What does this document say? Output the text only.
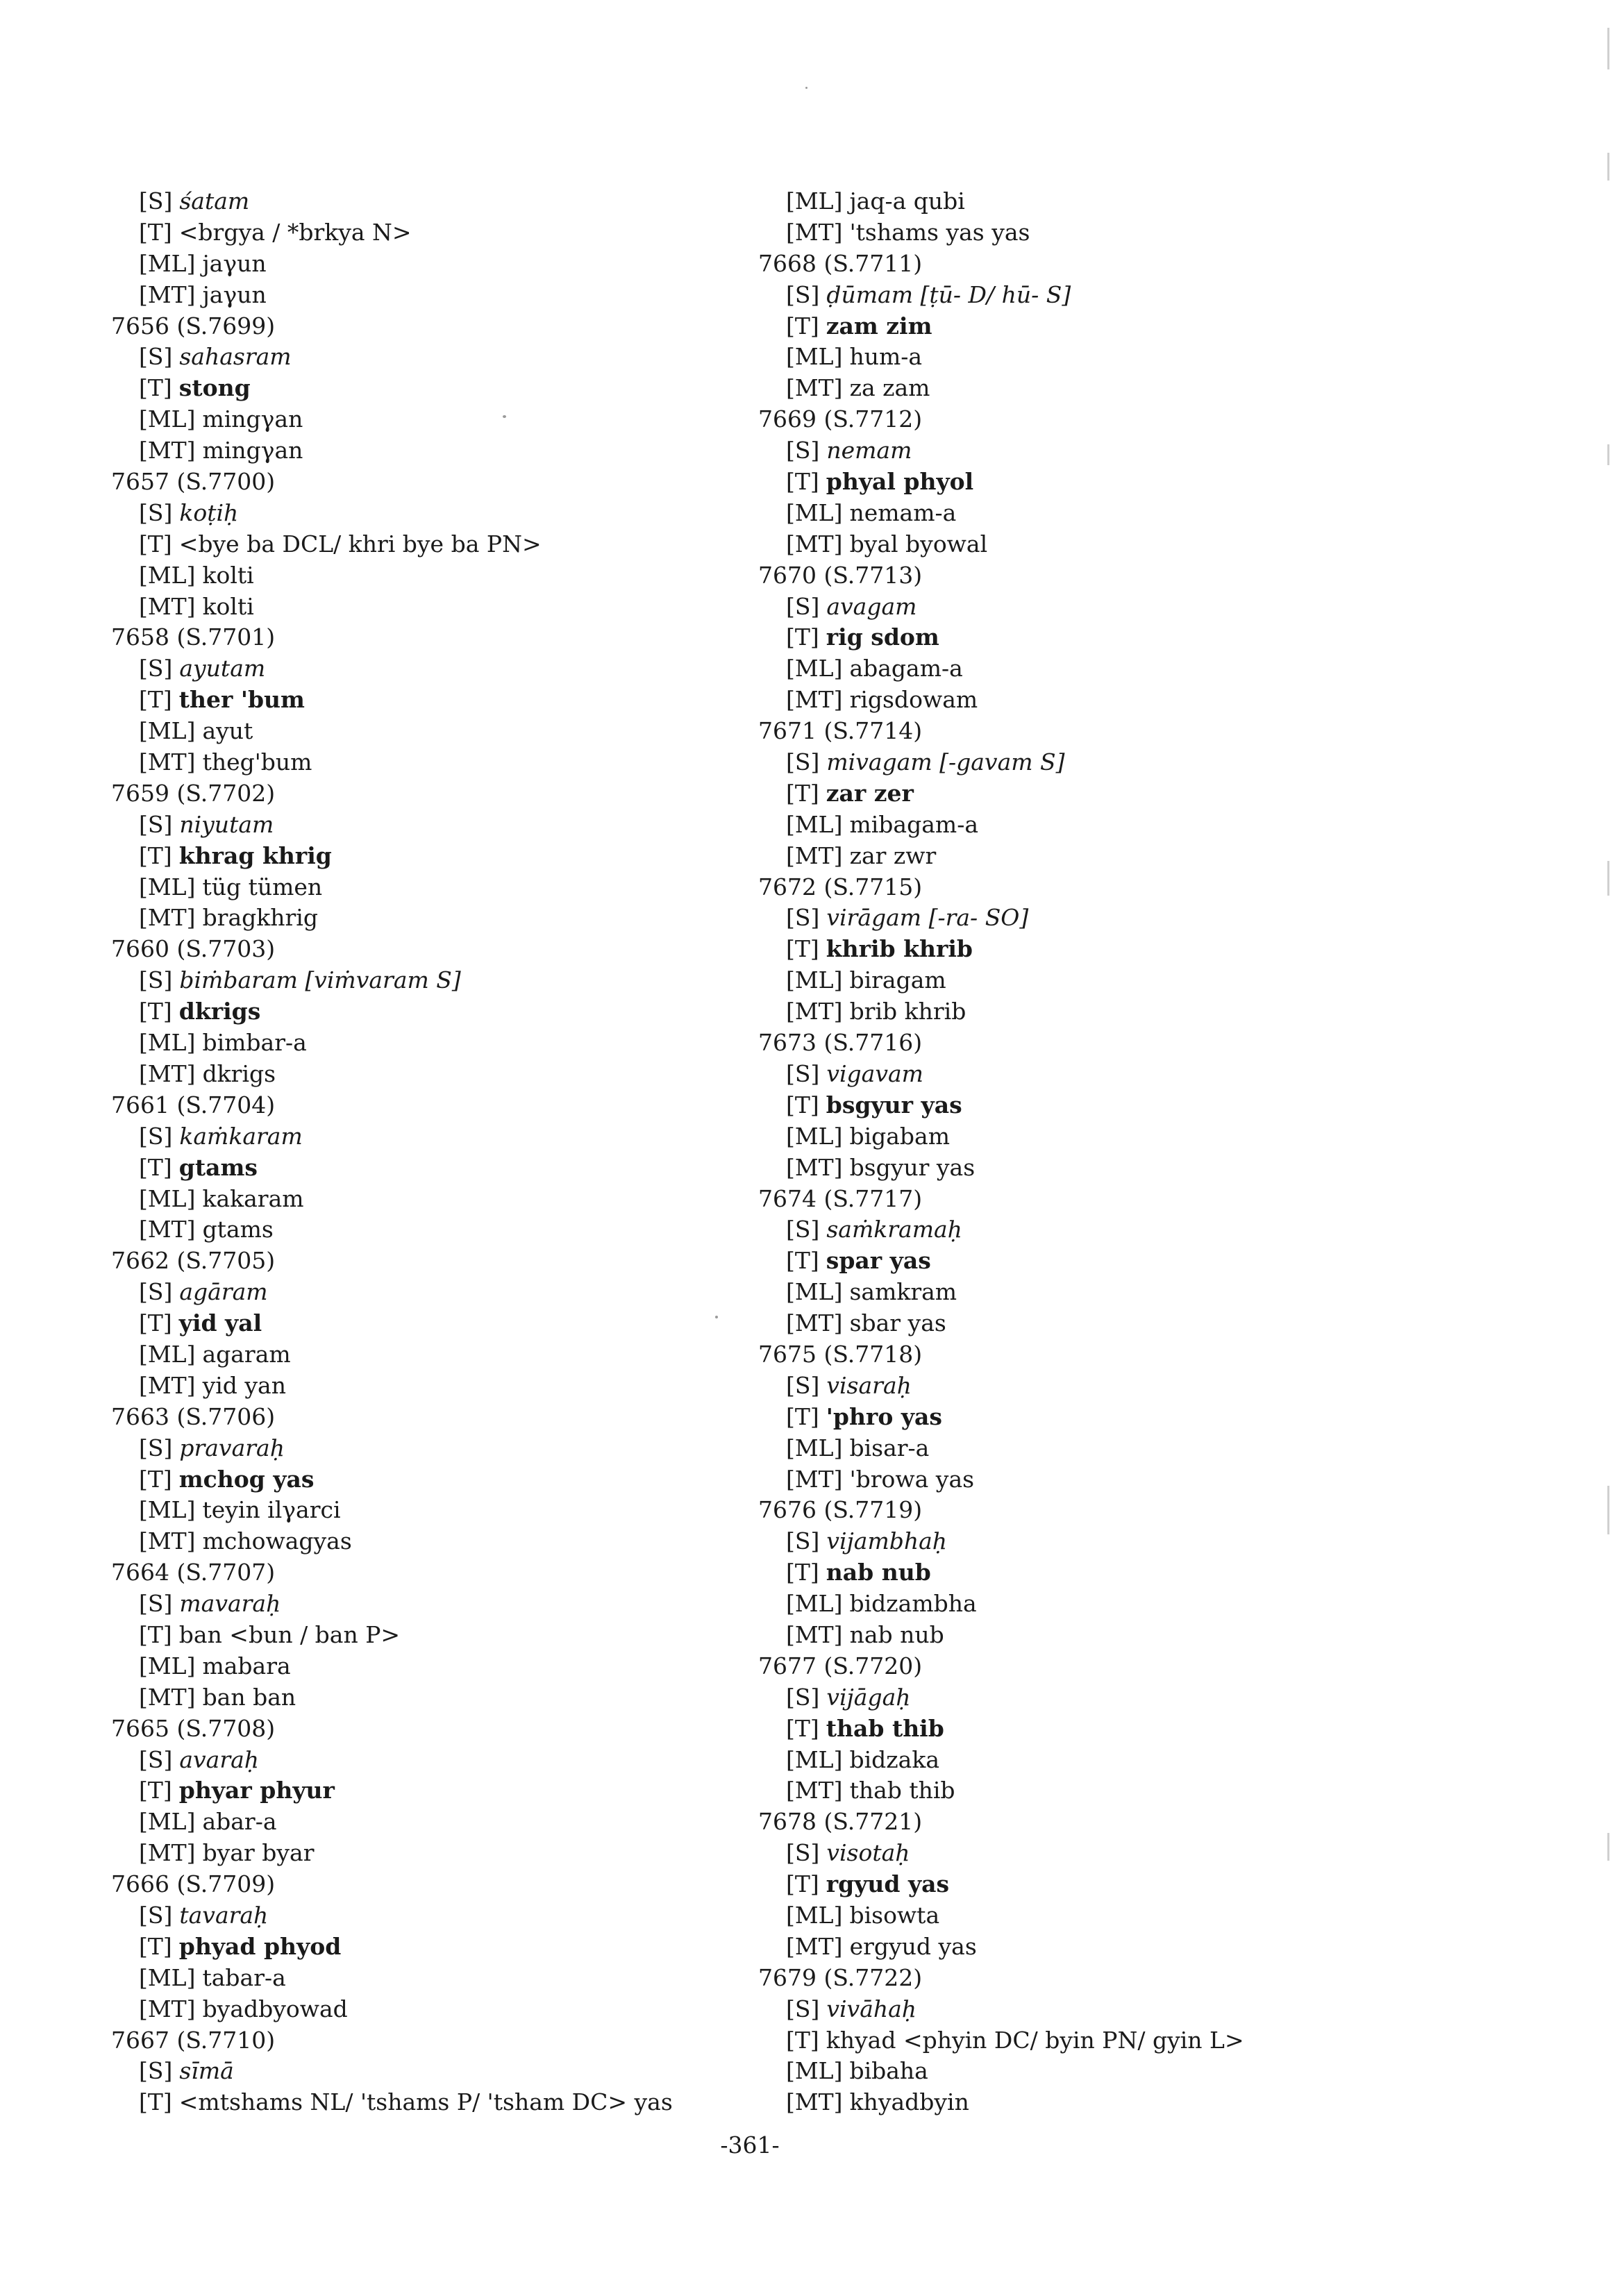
[S] śatam
[T] <brgya / *brkya N>
[ML] jaγun
[MT] jaγun
7656 (S.7699)
[S] sahasram
[T] stong
[ML] mingγan
[MT] mingγan
7657 (S.7700)
[S] koṭiḥ
[T] <bye ba DCL/ khri bye ba PN>
[ML] kolti
[MT] kolti
7658 (S.7701)
[S] ayutam
[T] ther 'bum
[ML] ayut
[MT] theg'bum
7659 (S.7702)
[S] niyutam
[T] khrag khrig
[ML] tüg tümen
[MT] bragkhrig
7660 (S.7703)
[S] biṁbaram [viṁvaram S]
[T] dkrigs
[ML] bimbar-a
[MT] dkrigs
7661 (S.7704)
[S] kaṁkaram
[T] gtams
[ML] kakaram
[MT] gtams
7662 (S.7705)
[S] agāram
[T] yid yal
[ML] agaram
[MT] yid yan
7663 (S.7706)
[S] pravaraḥ
[T] mchog yas
[ML] teyin ilγarci
[MT] mchowagyas
7664 (S.7707)
[S] mavaraḥ
[T] ban <bun / ban P>
[ML] mabara
[MT] ban ban
7665 (S.7708)
[S] avaraḥ
[T] phyar phyur
[ML] abar-a
[MT] byar byar
7666 (S.7709)
[S] tavaraḥ
[T] phyad phyod
[ML] tabar-a
[MT] byadbyowad
7667 (S.7710)
[S] sīmā
[T] <mtshams NL/ 'tshams P/ 'tsham DC> yas
[ML] jaq-a qubi
[MT] 'tshams yas yas
7668 (S.7711)
[S] ḍūmam [ṭū- D/ hū- S]
[T] zam zim
[ML] hum-a
[MT] za zam
7669 (S.7712)
[S] nemam
[T] phyal phyol
[ML] nemam-a
[MT] byal byowal
7670 (S.7713)
[S] avagam
[T] rig sdom
[ML] abagam-a
[MT] rigsdowam
7671 (S.7714)
[S] mivagam [-gavam S]
[T] zar zer
[ML] mibagam-a
[MT] zar zwr
7672 (S.7715)
[S] virāgam [-ra- SO]
[T] khrib khrib
[ML] biragam
[MT] brib khrib
7673 (S.7716)
[S] vigavam
[T] bsgyur yas
[ML] bigabam
[MT] bsgyur yas
7674 (S.7717)
[S] saṁkramaḥ
[T] spar yas
[ML] samkram
[MT] sbar yas
7675 (S.7718)
[S] visaraḥ
[T] 'phro yas
[ML] bisar-a
[MT] 'browa yas
7676 (S.7719)
[S] vijambhaḥ
[T] nab nub
[ML] bidzambha
[MT] nab nub
7677 (S.7720)
[S] vijāgaḥ
[T] thab thib
[ML] bidzaka
[MT] thab thib
7678 (S.7721)
[S] visotaḥ
[T] rgyud yas
[ML] bisowta
[MT] ergyud yas
7679 (S.7722)
[S] vivāhaḥ
[T] khyad <phyin DC/ byin PN/ gyin L>
[ML] bibaha
[MT] khyadbyin
-361-
